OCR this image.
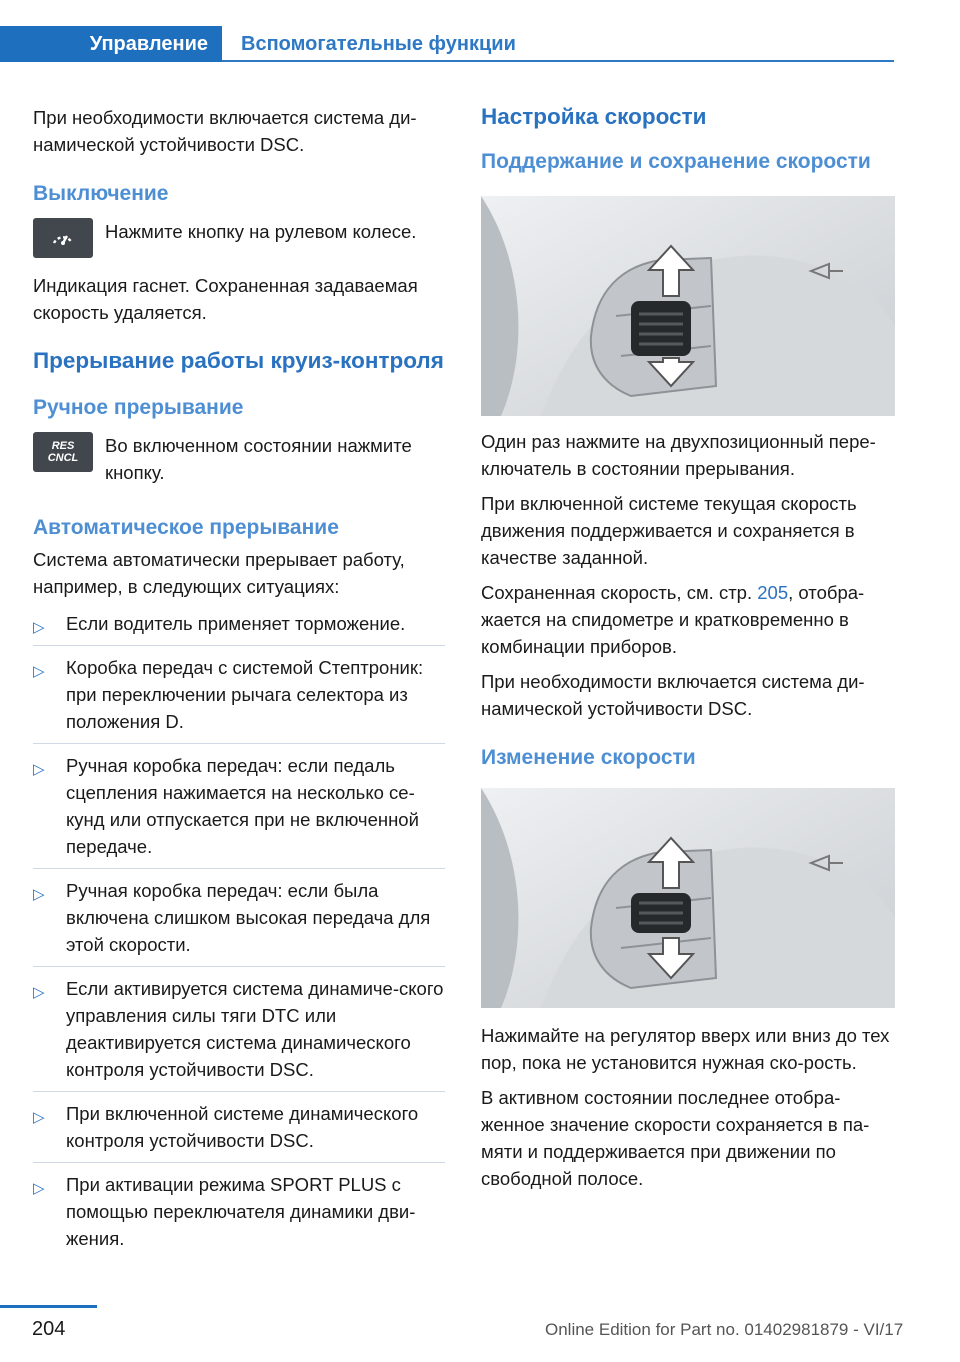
Управление	Вспомогательные функции

При необходимости включается система ди-намической устойчивости DSC.

Выключение

Нажмите кнопку на рулевом колесе.

Индикация гаснет. Сохраненная задаваемая скорость удаляется.

Прерывание работы круиз-контроля
Ручное прерывание
RES
CNCL

Во включенном состоянии нажмите кнопку.

Автоматическое прерывание

Система автоматически прерывает работу, например, в следующих ситуациях:

▷ Если водитель применяет торможение.
▷ Коробка передач с системой Стептроник: при переключении рычага селектора из положения D.
▷ Ручная коробка передач: если педаль сцепления нажимается на несколько се-кунд или отпускается при не включенной передаче.
▷ Ручная коробка передач: если была включена слишком высокая передача для этой скорости.
▷ Если активируется система динамиче-ского управления силы тяги DTC или деактивируется система динамического контроля устойчивости DSC.
▷ При включенной системе динамического контроля устойчивости DSC.
▷ При активации режима SPORT PLUS с помощью переключателя динамики дви-жения.
Настройка скорости
Поддержание и сохранение скорости

Один раз нажмите на двухпозиционный пере-ключатель в состоянии прерывания.

При включенной системе текущая скорость движения поддерживается и сохраняется в качестве заданной.

Сохраненная скорость, см. стр. 205, отобра-жается на спидометре и кратковременно в комбинации приборов.

При необходимости включается система ди-намической устойчивости DSC.

Изменение скорости

Нажимайте на регулятор вверх или вниз до тех пор, пока не установится нужная ско-рость.

В активном состоянии последнее отобра-женное значение скорости сохраняется в па-мяти и поддерживается при движении по свободной полосе.

204	Online Edition for Part no. 01402981879 - VI/17
